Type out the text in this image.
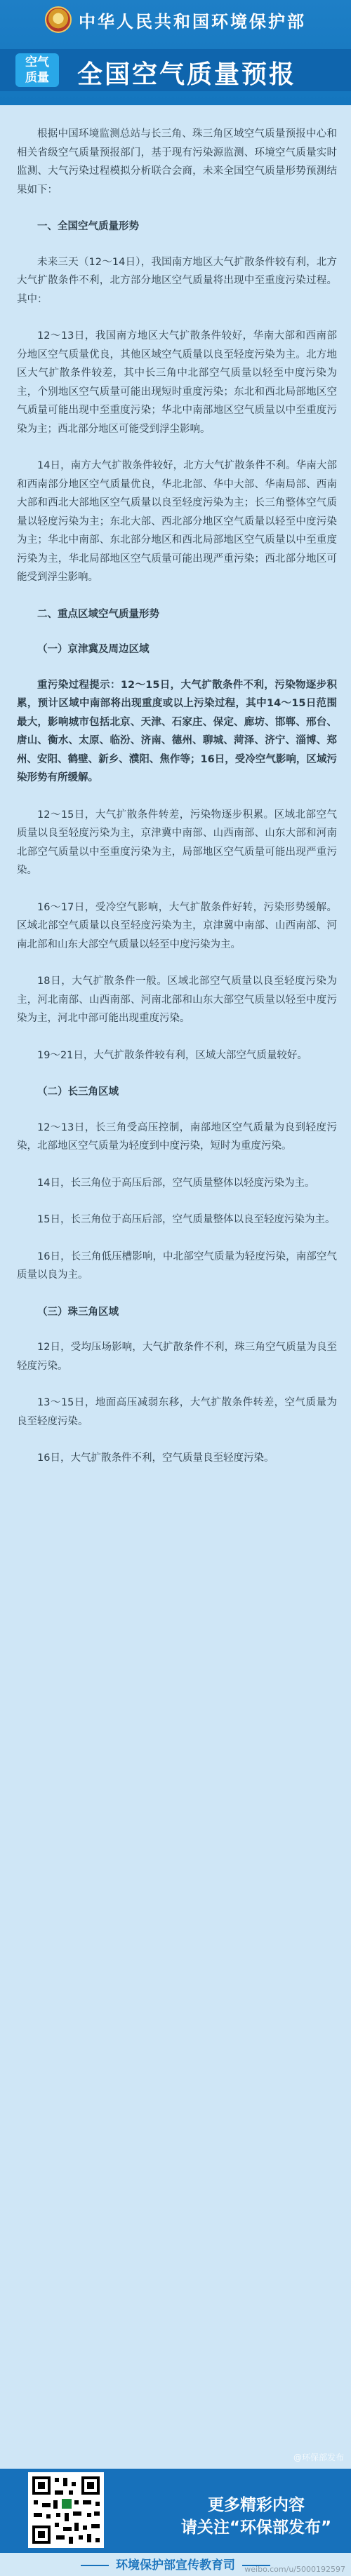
中华人民共和国环境保护部
空气
质量	全国空气质量预报

根据中国环境监测总站与长三角、珠三角区域空气质量预报中心和相关省级空气质量预报部门，基于现有污染源监测、环境空气质量实时监测、大气污染过程模拟分析联合会商，未来全国空气质量形势预测结果如下：

一、全国空气质量形势

未来三天（12～14日），我国南方地区大气扩散条件较有利，北方大气扩散条件不利，北方部分地区空气质量将出现中至重度污染过程。其中：

12～13日，我国南方地区大气扩散条件较好，华南大部和西南部分地区空气质量优良，其他区域空气质量以良至轻度污染为主。北方地区大气扩散条件较差，其中长三角中北部空气质量以轻至中度污染为主，个别地区空气质量可能出现短时重度污染；东北和西北局部地区空气质量可能出现中至重度污染；华北中南部地区空气质量以中至重度污染为主；西北部分地区可能受到浮尘影响。

14日，南方大气扩散条件较好，北方大气扩散条件不利。华南大部和西南部分地区空气质量优良，华北北部、华中大部、华南局部、西南大部和西北大部地区空气质量以良至轻度污染为主；长三角整体空气质量以轻度污染为主；东北大部、西北部分地区空气质量以轻至中度污染为主；华北中南部、东北部分地区和西北局部地区空气质量以中至重度污染为主，华北局部地区空气质量可能出现严重污染；西北部分地区可能受到浮尘影响。

二、重点区域空气质量形势

（一）京津冀及周边区域

重污染过程提示：12～15日，大气扩散条件不利，污染物逐步积累，预计区域中南部将出现重度或以上污染过程，其中14～15日范围最大，影响城市包括北京、天津、石家庄、保定、廊坊、邯郸、邢台、唐山、衡水、太原、临汾、济南、德州、聊城、菏泽、济宁、淄博、郑州、安阳、鹤壁、新乡、濮阳、焦作等；16日，受冷空气影响，区域污染形势有所缓解。

12～15日，大气扩散条件转差，污染物逐步积累。区域北部空气质量以良至轻度污染为主，京津冀中南部、山西南部、山东大部和河南北部空气质量以中至重度污染为主，局部地区空气质量可能出现严重污染。

16～17日，受冷空气影响，大气扩散条件好转，污染形势缓解。区域北部空气质量以良至轻度污染为主，京津冀中南部、山西南部、河南北部和山东大部空气质量以轻至中度污染为主。

18日，大气扩散条件一般。区域北部空气质量以良至轻度污染为主，河北南部、山西南部、河南北部和山东大部空气质量以轻至中度污染为主，河北中部可能出现重度污染。

19～21日，大气扩散条件较有利，区域大部空气质量较好。

（二）长三角区域

12～13日，长三角受高压控制，南部地区空气质量为良到轻度污染，北部地区空气质量为轻度到中度污染，短时为重度污染。

14日，长三角位于高压后部，空气质量整体以轻度污染为主。

15日，长三角位于高压后部，空气质量整体以良至轻度污染为主。

16日，长三角低压槽影响，中北部空气质量为轻度污染，南部空气质量以良为主。

（三）珠三角区域

12日，受均压场影响，大气扩散条件不利，珠三角空气质量为良至轻度污染。

13～15日，地面高压减弱东移，大气扩散条件转差，空气质量为良至轻度污染。

16日，大气扩散条件不利，空气质量良至轻度污染。

@环保部发布
更多精彩内容
请关注“环保部发布”
环境保护部宣传教育司	weibo.com/u/5000192597
